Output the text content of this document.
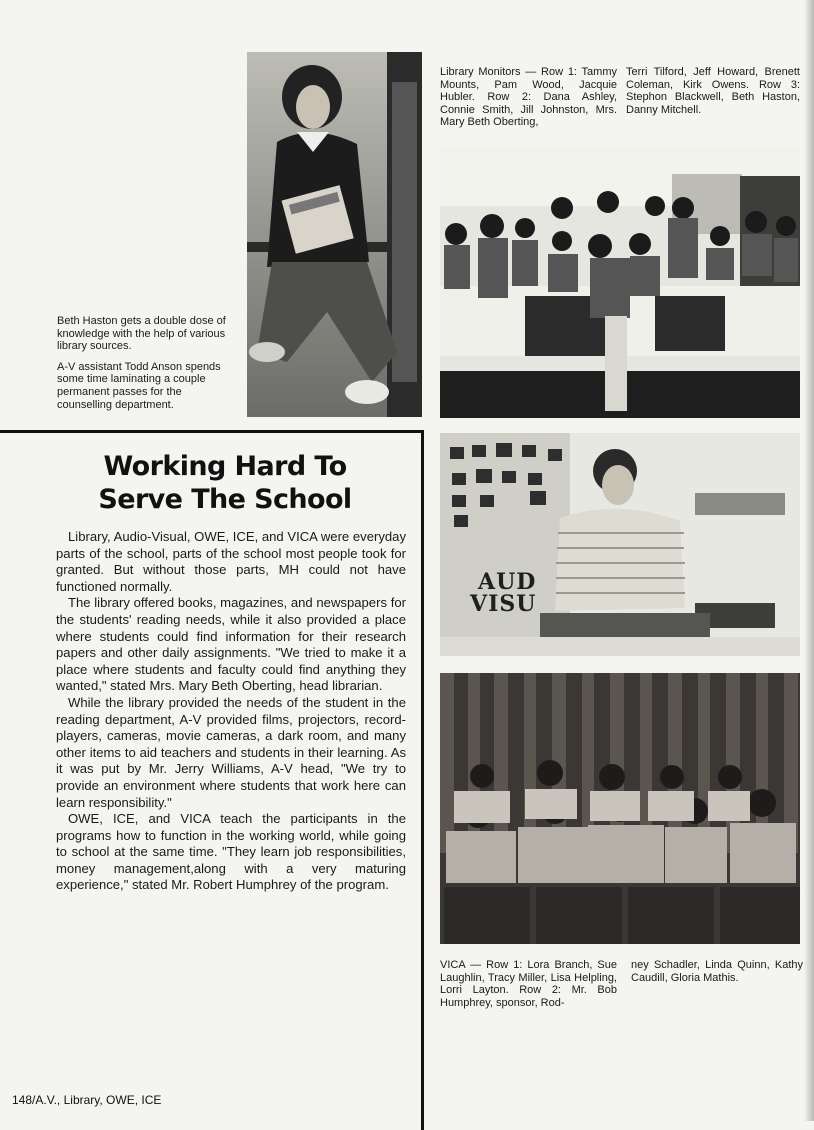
Library Monitors — Row 1: Tammy Mounts, Pam Wood, Jacquie Hubler. Row 2: Dana Ashley, Connie Smith, Jill Johnston, Mrs. Mary Beth Oberting,
Terri Tilford, Jeff Howard, Brenett Coleman, Kirk Owens. Row 3: Stephon Blackwell, Beth Haston, Danny Mitchell.

Beth Haston gets a double dose of knowledge with the help of various library sources.

A-V assistant Todd Anson spends some time laminating a couple permanent passes for the counselling department.

Working Hard To
Serve The School

Library, Audio-Visual, OWE, ICE, and VICA were everyday parts of the school, parts of the school most people took for granted. But without those parts, MH could not have functioned normally.

The library offered books, magazines, and newspapers for the students' reading needs, while it also provided a place where students could find information for their research papers and other daily assignments. "We tried to make it a place where students and faculty could find anything they wanted," stated Mrs. Mary Beth Oberting, head librarian.

While the library provided the needs of the student in the reading department, A-V provided films, projectors, record-players, cameras, movie cameras, a dark room, and many other items to aid teachers and students in their learning. As it was put by Mr. Jerry Williams, A-V head, "We try to provide an environment where students that work here can learn responsibility."

OWE, ICE, and VICA teach the participants in the programs how to function in the working world, while going to school at the same time. "They learn job responsibilities, money management,along with a very maturing experience," stated Mr. Robert Humphrey of the program.

AUD
VISU
VICA — Row 1: Lora Branch, Sue Laughlin, Tracy Miller, Lisa Helpling, Lorri Layton. Row 2: Mr. Bob Humphrey, sponsor, Rod-
ney Schadler, Linda Quinn, Kathy Caudill, Gloria Mathis.
148/A.V., Library, OWE, ICE
